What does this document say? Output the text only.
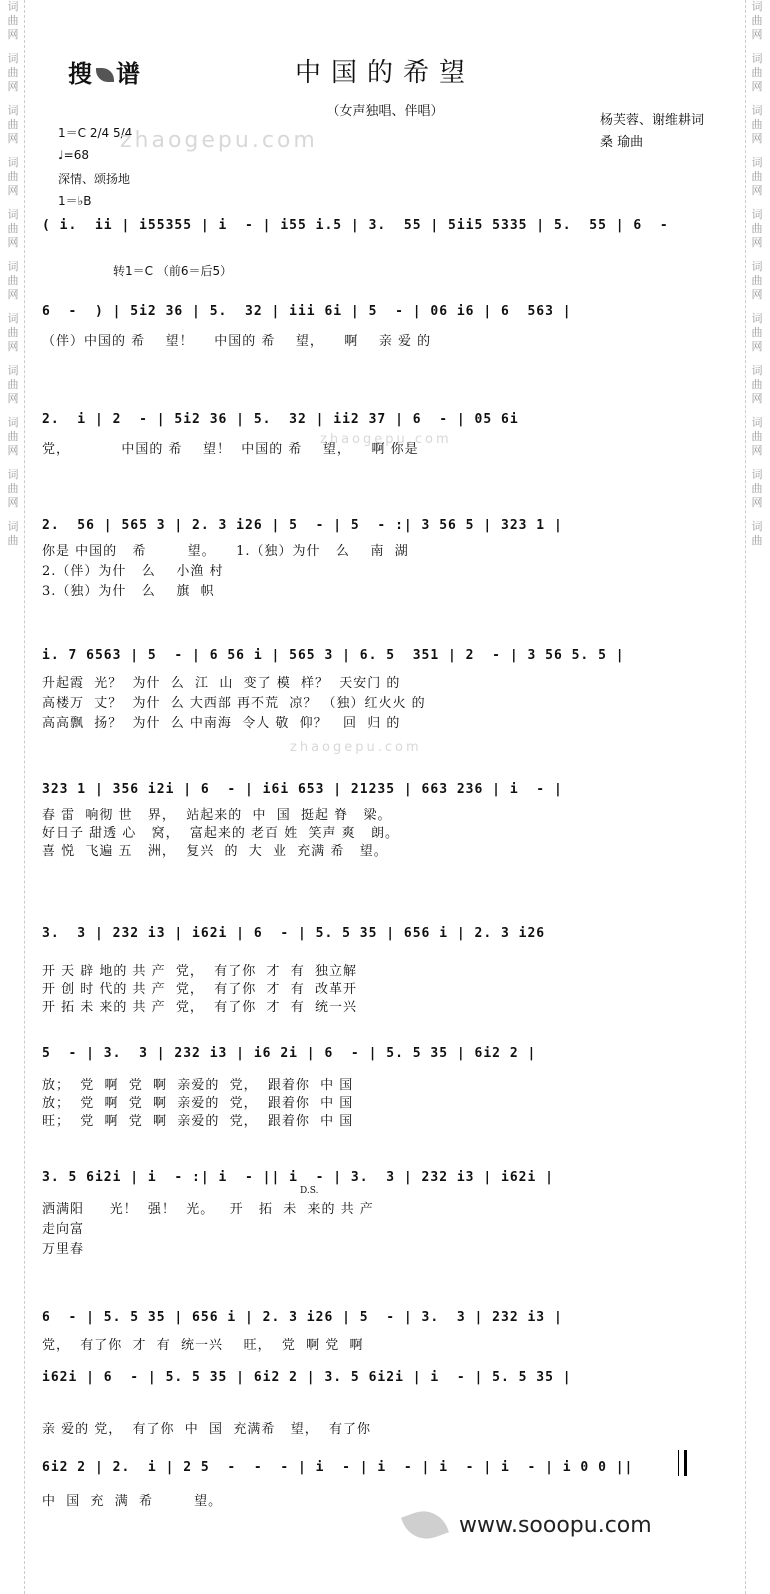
词
曲
网
词
曲
网
词
曲
网
词
曲
网
词
曲
网
词
曲
网
词
曲
网
词
曲
网
词
曲
网
词
曲
网
词
曲
词
曲
网
词
曲
网
词
曲
网
词
曲
网
词
曲
网
词
曲
网
词
曲
网
词
曲
网
词
曲
网
词
曲
网
词
曲
搜 谱	中国的希望
（女声独唱、伴唱）
杨芙蓉、谢维耕词
桑 瑜曲
1＝C 2/4 5/4
♩=68
深情、颂扬地
1＝♭B
转1＝C （前6＝后5）
zhaogepu.com
zhaogepu.com
zhaogepu.com
( i.  ii | i55355 | i  - | i55 i.5 | 3.  55 | 5ii5 5335 | 5.  55 | 6  -
6  -  ) | 5i2 36 | 5.  32 | iii 6i | 5  - | 06 i6 | 6  563 |
2.  i | 2  - | 5i2 36 | 5.  32 | ii2 37 | 6  - | 05 6i
2.  56 | 565 3 | 2. 3 i26 | 5  - | 5  - :| 3 56 5 | 323 1 |
i. 7 6563 | 5  - | 6 56 i | 565 3 | 6. 5  351 | 2  - | 3 56 5. 5 |
323 1 | 356 i2i | 6  - | i6i 653 | 21235 | 663 236 | i  - |
3.  3 | 232 i3 | i62i | 6  - | 5. 5 35 | 656 i | 2. 3 i26
5  - | 3.  3 | 232 i3 | i6 2i | 6  - | 5. 5 35 | 6i2 2 |
3. 5 6i2i | i  - :| i  - || i  - | 3.  3 | 232 i3 | i62i |
6  - | 5. 5 35 | 656 i | 2. 3 i26 | 5  - | 3.  3 | 232 i3 |
i62i | 6  - | 5. 5 35 | 6i2 2 | 3. 5 6i2i | i  - | 5. 5 35 |
6i2 2 | 2.  i | 2 5  -  -  - | i  - | i  - | i  - | i  - | i 0 0 ||
（伴）中国的 希    望！    中国的 希    望，    啊    亲 爱 的
党，          中国的 希    望！  中国的 希    望，    啊 你是
你是 中国的   希        望。    1.（独）为什   么    南  湖
2.（伴）为什   么    小渔 村
3.（独）为什   么    旗  帜
升起霞  光？  为什  么  江  山  变了 模  样？  天安门 的
高楼万  丈？  为什  么 大西部 再不荒  凉？ （独）红火火 的
高高飘  扬？  为什  么 中南海  令人 敬  仰？   回  归 的
春 雷  响彻 世   界，  站起来的  中  国  挺起 脊   梁。
好日子 甜透 心   窝，  富起来的 老百 姓  笑声 爽   朗。
喜 悦  飞遍 五   洲，  复兴  的  大  业  充满 希   望。
开 天 辟 地的 共 产  党，  有了你  才  有  独立解
开 创 时 代的 共 产  党，  有了你  才  有  改革开
开 拓 未 来的 共 产  党，  有了你  才  有  统一兴
放；  党  啊  党  啊  亲爱的  党，  跟着你  中 国
放；  党  啊  党  啊  亲爱的  党，  跟着你  中 国
旺；  党  啊  党  啊  亲爱的  党，  跟着你  中 国
洒满阳     光！  强！  光。   开   拓  未  来的 共 产
走向富
万里春
党，  有了你  才  有  统一兴    旺，  党  啊 党  啊
亲 爱的 党，  有了你  中  国  充满希   望，  有了你
中  国  充  满  希        望。
www.sooopu.com
D.S.
